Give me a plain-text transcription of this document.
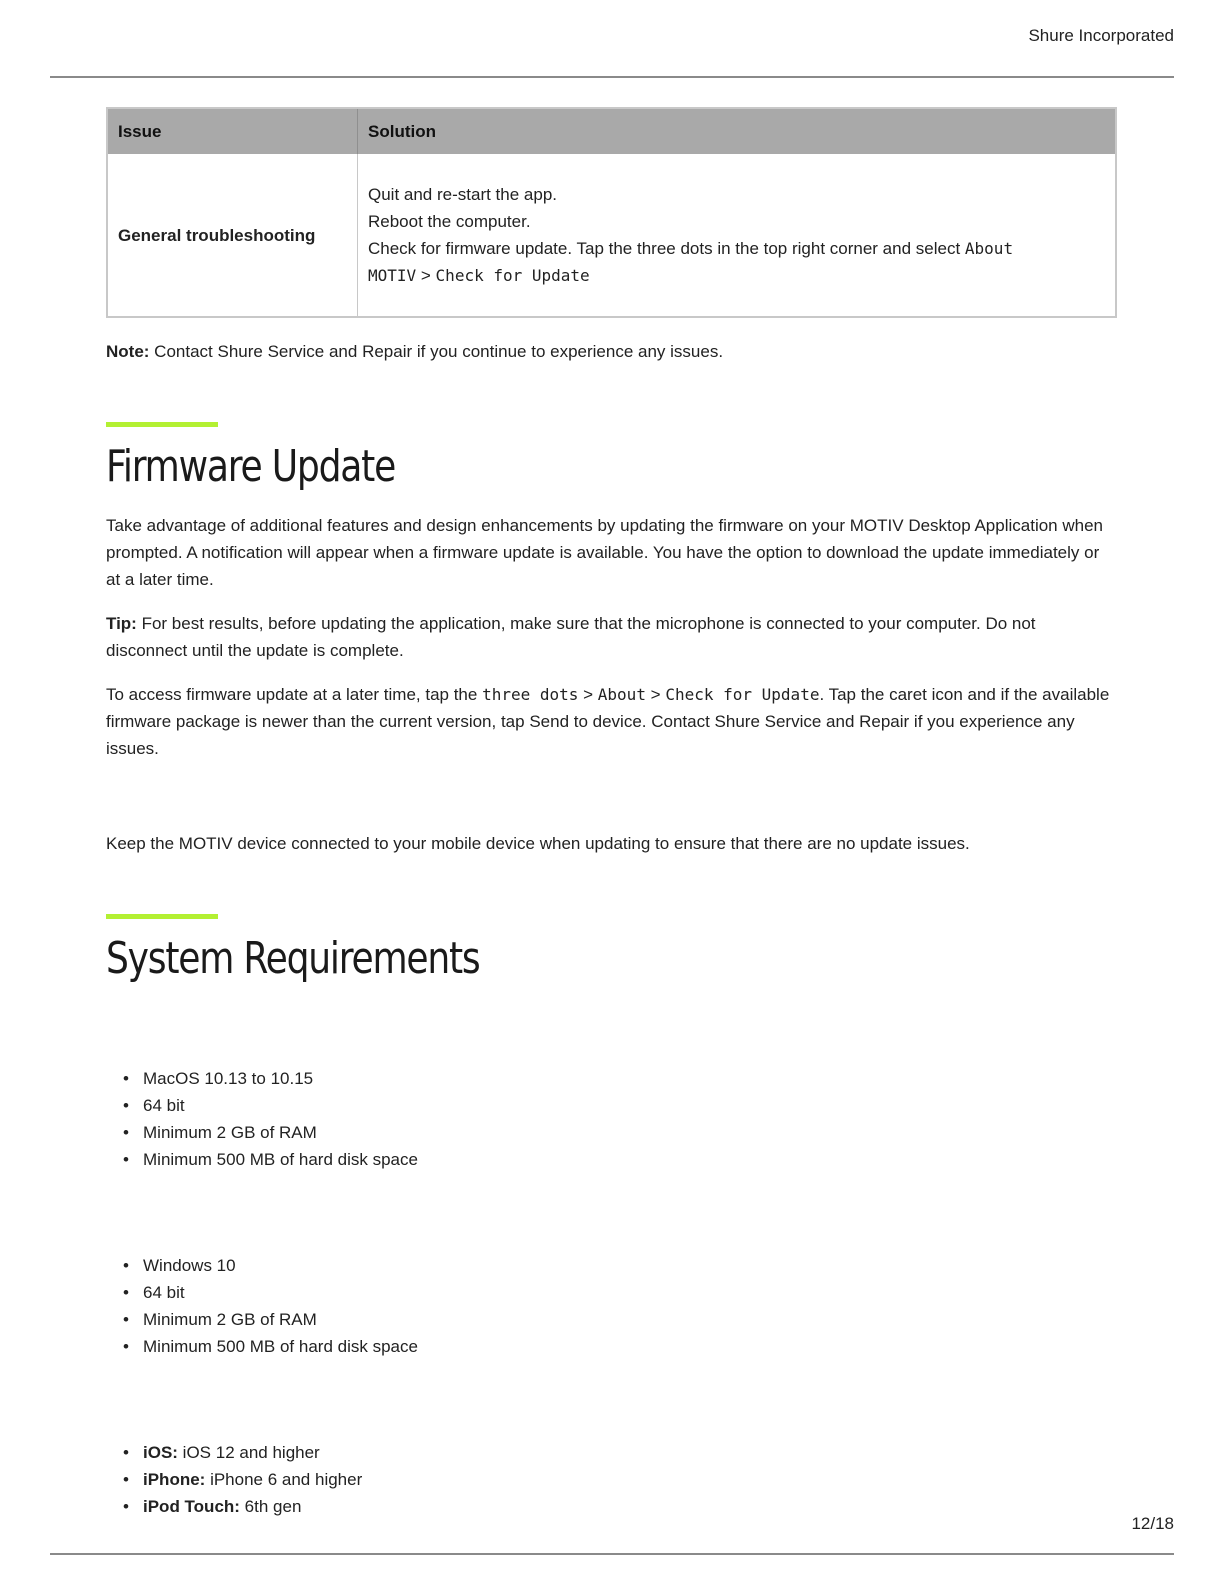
Shure Incorporated
Issue	Solution
General troubleshooting	Quit and re-start the app.
Reboot the computer.
Check for firmware update. Tap the three dots in the top right corner and select About
MOTIV > Check for Update

Note: Contact Shure Service and Repair if you continue to experience any issues.

Firmware Update

Take advantage of additional features and design enhancements by updating the firmware on your MOTIV Desktop Application when prompted. A notification will appear when a firmware update is available. You have the option to download the update immediately or at a later time.

Tip: For best results, before updating the application, make sure that the microphone is connected to your computer. Do not disconnect until the update is complete.

To access firmware update at a later time, tap the three dots > About > Check for Update. Tap the caret icon and if the available firmware package is newer than the current version, tap Send to device. Contact Shure Service and Repair if you experience any issues.

Keep the MOTIV device connected to your mobile device when updating to ensure that there are no update issues.

System Requirements
• MacOS 10.13 to 10.15
• 64 bit
• Minimum 2 GB of RAM
• Minimum 500 MB of hard disk space
• Windows 10
• 64 bit
• Minimum 2 GB of RAM
• Minimum 500 MB of hard disk space
• iOS: iOS 12 and higher
• iPhone: iPhone 6 and higher
• iPod Touch: 6th gen
12/18
